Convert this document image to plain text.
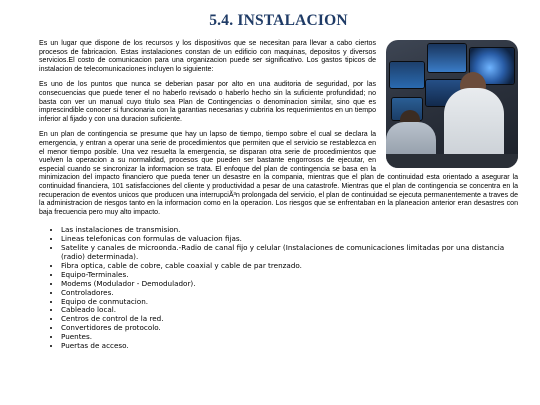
5.4. INSTALACION

Es un lugar que dispone de los recursos y los dispositivos que se necesitan para llevar a cabo ciertos procesos de fabricacion. Estas instalaciones constan de un edificio con maquinas, depositos y diversos servicios.El costo de comunicacion para una organizacion puede ser significativo. Los gastos tipicos de instalacion de telecomunicaciones incluyen lo siguiente:

Es uno de los puntos que nunca se deberian pasar por alto en una auditoria de seguridad, por las consecuencias que puede tener el no haberlo revisado o haberlo hecho sin la suficiente profundidad; no basta con ver un manual cuyo titulo sea Plan de Contingencias o denominacion similar, sino que es imprescindible conocer si funcionaria con la garantias necesarias y cubriria los requerimientos en un tiempo inferior al fijado y con una duracion suficiente.

En un plan de contingencia se presume que hay un lapso de tiempo, tiempo sobre el cual se declara la emergencia, y entran a operar una serie de procedimientos que permiten que el servicio se restablezca en el menor tiempo posible. Una vez resuelta la emergencia, se disparan otra serie de procedimientos que vuelven la operacion a su normalidad, procesos que pueden ser bastante engorrosos de ejecutar, en especial cuando se sincronizar la informacion se trata. El enfoque del plan de contingencia se basa en la minimizacion del impacto financiero que pueda tener un desastre en la compania, mientras que el plan de continuidad esta orientado a asegurar la continuidad financiera, 101 satisfacciones del cliente y productividad a pesar de una catastrofe. Mientras que el plan de contingencia se concentra en la recuperacion de eventos unicos que producen una interrupciÃ³n prolongada del servicio, el plan de continuidad se ejecuta permanentemente a traves de la administracion de riesgos tanto en la informacion como en la operacion. Los riesgos que se enfrentaban en la planeacion anterior eran desastres con baja frecuencia pero muy alto impacto.

• Las instalaciones de transmision.
• Lineas telefonicas con formulas de valuacion fijas.
• Satelite y canales de microonda.-Radio de canal fijo y celular (Instalaciones de comunicaciones limitadas por una distancia (radio) determinada).
• Fibra optica, cable de cobre, cable coaxial y cable de par trenzado.
• Equipo-Terminales.
• Modems (Modulador - Demodulador).
• Controladores.
• Equipo de conmutacion.
• Cableado local.
• Centros de control de la red.
• Convertidores de protocolo.
• Puentes.
• Puertas de acceso.
